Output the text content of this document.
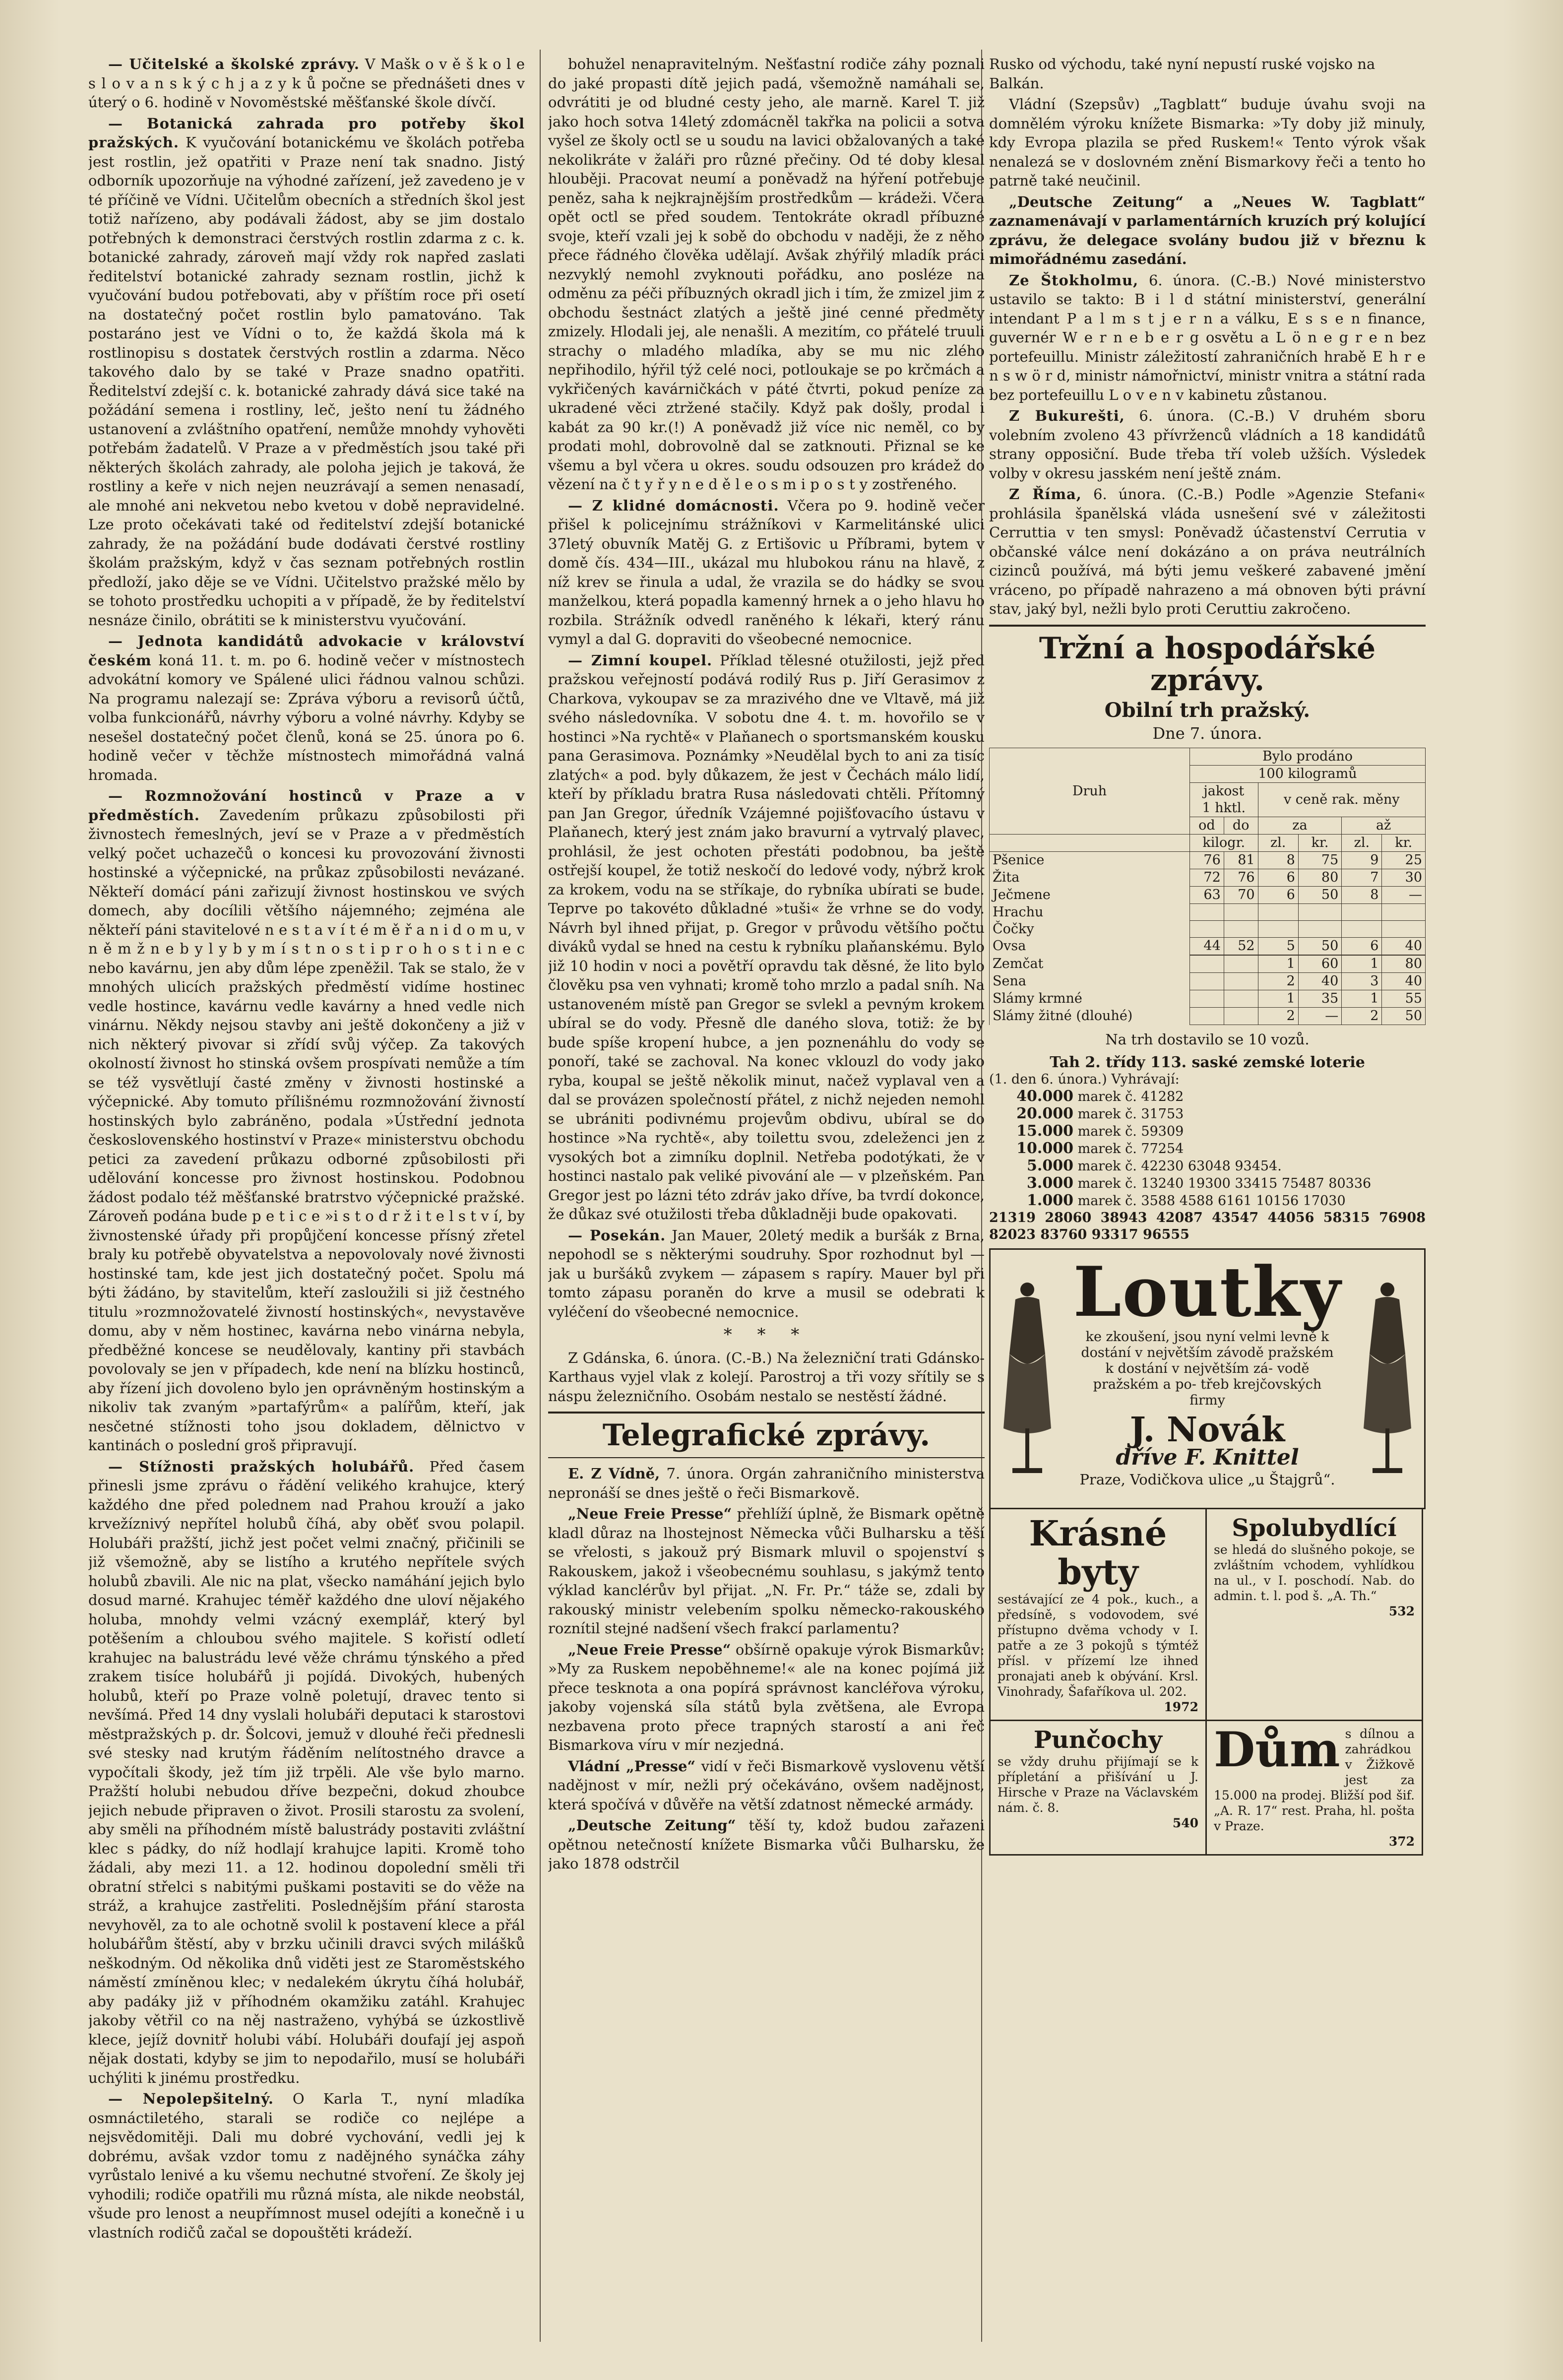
— Učitelské a školské zprávy. V Mašk o v ě š k o l e s l o v a n s k ý c h j a z y k ů počne se přednášeti dnes v úterý o 6. hodině v Novoměstské měšťanské škole dívčí.

— Botanická zahrada pro potřeby škol pražských. K vyučování botanickému ve školách potřeba jest rostlin, jež opatřiti v Praze není tak snadno. Jistý odborník upozorňuje na výhodné zařízení, jež zavedeno je v té příčině ve Vídni. Učitelům obecních a středních škol jest totiž nařízeno, aby podávali žádost, aby se jim dostalo potřebných k demonstraci čerstvých rostlin zdarma z c. k. botanické zahrady, zároveň mají vždy rok napřed zaslati ředitelství botanické zahrady seznam rostlin, jichž k vyučování budou potřebovati, aby v příštím roce při osetí na dostatečný počet rostlin bylo pamatováno. Tak postaráno jest ve Vídni o to, že každá škola má k rostlinopisu s dostatek čerstvých rostlin a zdarma. Něco takového dalo by se také v Praze snadno opatřiti. Ředitelství zdejší c. k. botanické zahrady dává sice také na požádání semena i rostliny, leč, ješto není tu žádného ustanovení a zvláštního opatření, nemůže mnohdy vyhověti potřebám žadatelů. V Praze a v předměstích jsou také při některých školách zahrady, ale poloha jejich je taková, že rostliny a keře v nich nejen neuzrávají a semen nenasadí, ale mnohé ani nekvetou nebo kvetou v době nepravidelné. Lze proto očekávati také od ředitelství zdejší botanické zahrady, že na požádání bude dodávati čerstvé rostliny školám pražským, když v čas seznam potřebných rostlin předloží, jako děje se ve Vídni. Učitelstvo pražské mělo by se tohoto prostředku uchopiti a v případě, že by ředitelství nesnáze činilo, obrátiti se k ministerstvu vyučování.

— Jednota kandidátů advokacie v království českém koná 11. t. m. po 6. hodině večer v místnostech advokátní komory ve Spálené ulici řádnou valnou schůzi. Na programu nalezají se: Zpráva výboru a revisorů účtů, volba funkcionářů, návrhy výboru a volné návrhy. Kdyby se nesešel dostatečný počet členů, koná se 25. února po 6. hodině večer v těchže místnostech mimořádná valná hromada.

— Rozmnožování hostinců v Praze a v předměstích. Zavedením průkazu způsobilosti při živnostech řemeslných, jeví se v Praze a v předměstích velký počet uchazečů o koncesi ku provozování živnosti hostinské a výčepnické, na průkaz způsobilosti nevázané. Někteří domácí páni zařizují živnost hostinskou ve svých domech, aby docílili většího nájemného; zejména ale někteří páni stavitelové n e s t a v í t é m ě ř a n i d o m u, v n ě m ž n e b y l y b y m í s t n o s t i p r o h o s t i n e c nebo kavárnu, jen aby dům lépe zpeněžil. Tak se stalo, že v mnohých ulicích pražských předměstí vidíme hostinec vedle hostince, kavárnu vedle kavárny a hned vedle nich vinárnu. Někdy nejsou stavby ani ještě dokončeny a již v nich některý pivovar si zřídí svůj výčep. Za takových okolností živnost ho stinská ovšem prospívati nemůže a tím se též vysvětlují časté změny v živnosti hostinské a výčepnické. Aby tomuto přílišnému rozmnožování živností hostinských bylo zabráněno, podala »Ústřední jednota československého hostinství v Praze« ministerstvu obchodu petici za zavedení průkazu odborné způsobilosti při udělování koncesse pro živnost hostinskou. Podobnou žádost podalo též měšťanské bratrstvo výčepnické pražské. Zároveň podána bude p e t i c e »i s t o d r ž i t e l s t v í, by živnostenské úřady při propůjčení koncesse přísný zřetel braly ku potřebě obyvatelstva a nepovolovaly nové živnosti hostinské tam, kde jest jich dostatečný počet. Spolu má býti žádáno, by stavitelům, kteří zasloužili si již čestného titulu »rozmnožovatelé živností hostinských«, nevystavěve domu, aby v něm hostinec, kavárna nebo vinárna nebyla, předběžné koncese se neudělovaly, kantiny při stavbách povolovaly se jen v případech, kde není na blízku hostinců, aby řízení jich dovoleno bylo jen oprávněným hostinským a nikoliv tak zvaným »partafýrům« a palířům, kteří, jak nesčetné stížnosti toho jsou dokladem, dělnictvo v kantinách o poslední groš připravují.

— Stížnosti pražských holubářů. Před časem přinesli jsme zprávu o řádění velikého krahujce, který každého dne před polednem nad Prahou krouží a jako krvežíznivý nepřítel holubů číhá, aby oběť svou polapil. Holubáři pražští, jichž jest počet velmi značný, přičinili se již všemožně, aby se listího a krutého nepřítele svých holubů zbavili. Ale nic na plat, všecko namáhání jejich bylo dosud marné. Krahujec téměř každého dne uloví nějakého holuba, mnohdy velmi vzácný exemplář, který byl potěšením a chloubou svého majitele. S kořistí odletí krahujec na balustrádu levé věže chrámu týnského a před zrakem tisíce holubářů ji pojídá. Divokých, hubených holubů, kteří po Praze volně poletují, dravec tento si nevšímá. Před 14 dny vyslali holubáři deputaci k starostovi městpražských p. dr. Šolcovi, jemuž v dlouhé řeči přednesli své stesky nad krutým řáděním nelítostného dravce a vypočítali škody, jež tím již trpěli. Ale vše bylo marno. Pražští holubi nebudou dříve bezpečni, dokud zhoubce jejich nebude připraven o život. Prosili starostu za svolení, aby směli na příhodném místě balustrády postaviti zvláštní klec s pádky, do níž hodlají krahujce lapiti. Kromě toho žádali, aby mezi 11. a 12. hodinou dopolední směli tři obratní střelci s nabitými puškami postaviti se do věže na stráž, a krahujce zastřeliti. Poslednějším přání starosta nevyhověl, za to ale ochotně svolil k postavení klece a přál holubářům štěstí, aby v brzku učinili dravci svých milášků neškodným. Od několika dnů viděti jest ze Staroměstského náměstí zmíněnou klec; v nedalekém úkrytu číhá holubář, aby padáky již v příhodném okamžiku zatáhl. Krahujec jakoby větřil co na něj nastraženo, vyhýbá se úzkostlivě klece, jejíž dovnitř holubi vábí. Holubáři doufají jej aspoň nějak dostati, kdyby se jim to nepodařilo, musí se holubáři uchýliti k jinému prostředku.

— Nepolepšitelný. O Karla T., nyní mladíka osmnáctiletého, starali se rodiče co nejlépe a nejsvědomitěji. Dali mu dobré vychování, vedli jej k dobrému, avšak vzdor tomu z nadějného synáčka záhy vyrůstalo lenivé a ku všemu nechutné stvoření. Ze školy jej vyhodili; rodiče opatřili mu různá místa, ale nikde neobstál, všude pro lenost a neupřímnost musel odejíti a konečně i u vlastních rodičů začal se dopouštěti krádeží.

bohužel nenapravitelným. Nešťastní rodiče záhy poznali do jaké propasti dítě jejich padá, všemožně namáhali se, odvrátiti je od bludné cesty jeho, ale marně. Karel T. již jako hoch sotva 14letý zdomácněl takřka na policii a sotva vyšel ze školy octl se u soudu na lavici obžalovaných a také nekolikráte v žaláři pro různé přečiny. Od té doby klesal hlouběji. Pracovat neumí a poněvadž na hýření potřebuje peněz, saha k nejkrajnějším prostředkům — krádeži. Včera opět octl se před soudem. Tentokráte okradl příbuzné svoje, kteří vzali jej k sobě do obchodu v naději, že z něho přece řádného člověka udělají. Avšak zhýřilý mladík práci nezvyklý nemohl zvyknouti pořádku, ano posléze na odměnu za péči příbuzných okradl jich i tím, že zmizel jim z obchodu šestnáct zlatých a ještě jiné cenné předměty zmizely. Hlodali jej, ale nenašli. A mezitím, co přátelé truuli strachy o mladého mladíka, aby se mu nic zlého nepřihodilo, hýřil týž celé noci, potloukaje se po krčmách a vykřičených kavárničkách v páté čtvrti, pokud peníze za ukradené věci ztržené stačily. Když pak došly, prodal i kabát za 90 kr.(!) A poněvadž již více nic neměl, co by prodati mohl, dobrovolně dal se zatknouti. Přiznal se ke všemu a byl včera u okres. soudu odsouzen pro krádež do vězení na č t y ř y n e d ě l e o s m i p o s t y zostřeného.

— Z klidné domácnosti. Včera po 9. hodině večer přišel k policejnímu strážníkovi v Karmelitánské ulici 37letý obuvník Matěj G. z Ertišovic u Příbrami, bytem v domě čís. 434—III., ukázal mu hlubokou ránu na hlavě, z níž krev se řinula a udal, že vrazila se do hádky se svou manželkou, která popadla kamenný hrnek a o jeho hlavu ho rozbila. Strážník odvedl raněného k lékaři, který ránu vymyl a dal G. dopraviti do všeobecné nemocnice.

— Zimní koupel. Příklad tělesné otužilosti, jejž před pražskou veřejností podává rodilý Rus p. Jiří Gerasimov z Charkova, vykoupav se za mrazivého dne ve Vltavě, má již svého následovníka. V sobotu dne 4. t. m. hovořilo se v hostinci »Na rychtě« v Plaňanech o sportsmanském kousku pana Gerasimova. Poznámky »Neudělal bych to ani za tisíc zlatých« a pod. byly důkazem, že jest v Čechách málo lidí, kteří by příkladu bratra Rusa následovati chtěli. Přítomný pan Jan Gregor, úředník Vzájemné pojišťovacího ústavu v Plaňanech, který jest znám jako bravurní a vytrvalý plavec, prohlásil, že jest ochoten přestáti podobnou, ba ještě ostřejší koupel, že totiž neskočí do ledové vody, nýbrž krok za krokem, vodu na se stříkaje, do rybníka ubírati se bude. Teprve po takovéto důkladné »tuši« že vrhne se do vody. Návrh byl ihned přijat, p. Gregor v průvodu většího počtu diváků vydal se hned na cestu k rybníku plaňanskému. Bylo již 10 hodin v noci a povětří opravdu tak děsné, že lito bylo člověku psa ven vyhnati; kromě toho mrzlo a padal sníh. Na ustanoveném místě pan Gregor se svlekl a pevným krokem ubíral se do vody. Přesně dle daného slova, totiž: že by bude spíše kropení hubce, a jen poznenáhlu do vody se ponoří, také se zachoval. Na konec vklouzl do vody jako ryba, koupal se ještě několik minut, načež vyplaval ven a dal se provázen společností přátel, z nichž nejeden nemohl se ubrániti podivnému projevům obdivu, ubíral se do hostince »Na rychtě«, aby toilettu svou, zdeleženci jen z vysokých bot a zimníku doplnil. Netřeba podotýkati, že v hostinci nastalo pak veliké pivování ale — v plzeňském. Pan Gregor jest po lázni této zdráv jako dříve, ba tvrdí dokonce, že důkaz své otužilosti třeba důkladněji bude opakovati.

— Posekán. Jan Mauer, 20letý medik a buršák z Brna, nepohodl se s některými soudruhy. Spor rozhodnut byl — jak u buršáků zvykem — zápasem s rapíry. Mauer byl při tomto zápasu poraněn do krve a musil se odebrati k vyléčení do všeobecné nemocnice.

* * *

Z Gdánska, 6. února. (C.-B.) Na železniční trati Gdánsko-Karthaus vyjel vlak z kolejí. Parostroj a tři vozy sřítily se s náspu železničního. Osobám nestalo se nestěstí žádné.

Telegrafické zprávy.

E. Z Vídně, 7. února. Orgán zahraničního ministerstva nepronáší se dnes ještě o řeči Bismarkově.

„Neue Freie Presse“ přehlíží úplně, že Bismark opětně kladl důraz na lhostejnost Německa vůči Bulharsku a těší se vřelosti, s jakouž prý Bismark mluvil o spojenství s Rakouskem, jakož i všeobecnému souhlasu, s jakýmž tento výklad kanclérův byl přijat. „N. Fr. Pr.“ táže se, zdali by rakouský ministr velebením spolku německo-rakouského roznítil stejné nadšení všech frakcí parlamentu?

„Neue Freie Presse“ obšírně opakuje výrok Bismarkův: »My za Ruskem nepoběhneme!« ale na konec pojímá již přece tesknota a ona popírá správnost kancléřova výroku, jakoby vojenská síla států byla zvětšena, ale Evropa nezbavena proto přece trapných starostí a ani řeč Bismarkova víru v mír nezjedná.

Vládní „Presse“ vidí v řeči Bismarkově vyslovenu větší nadějnost v mír, nežli prý očekáváno, ovšem nadějnost, která spočívá v důvěře na větší zdatnost německé armády.

„Deutsche Zeitung“ těší ty, kdož budou zařazeni opětnou netečností knížete Bismarka vůči Bulharsku, že jako 1878 odstrčil

Rusko od východu, také nyní nepustí ruské vojsko na Balkán.

Vládní (Szepsův) „Tagblatt“ buduje úvahu svoji na domnělém výroku knížete Bismarka: »Ty doby již minuly, kdy Evropa plazila se před Ruskem!« Tento výrok však nenalezá se v doslovném znění Bismarkovy řeči a tento ho patrně také neučinil.

„Deutsche Zeitung“ a „Neues W. Tagblatt“ zaznamenávají v parlamentárních kruzích prý kolující zprávu, že delegace svolány budou již v březnu k mimořádnému zasedání.

Ze Štokholmu, 6. února. (C.-B.) Nové ministerstvo ustavilo se takto: B i l d státní ministerství, generální intendant P a l m s t j e r n a válku, E s s e n finance, guvernér W e r n e b e r g osvětu a L ö n e g r e n bez portefeuillu. Ministr záležitostí zahraničních hrabě E h r e n s w ö r d, ministr námořnictví, ministr vnitra a státní rada bez portefeuillu L o v e n v kabinetu zůstanou.

Z Bukurešti, 6. února. (C.-B.) V druhém sboru volebním zvoleno 43 přívrženců vládních a 18 kandidátů strany opposiční. Bude třeba tří voleb užších. Výsledek volby v okresu jasském není ještě znám.

Z Říma, 6. února. (C.-B.) Podle »Agenzie Stefani« prohlásila španělská vláda usnešení své v záležitosti Cerruttia v ten smysl: Poněvadž účastenství Cerrutia v občanské válce není dokázáno a on práva neutrálních cizinců používá, má býti jemu veškeré zabavené jmění vráceno, po případě nahrazeno a má obnoven býti právní stav, jaký byl, nežli bylo proti Ceruttiu zakročeno.

Tržní a hospodářské zprávy.
Obilní trh pražský.
Dne 7. února.
Druh	Bylo prodáno					
	100 kilogramů					
	jakost
1 hktl.		v ceně rak. měny			
	od	do	za		až	
	kilogr.		zl.	kr.	zl.	kr.
Pšenice	76	81	8	75	9	25
Žita	72	76	6	80	7	30
Ječmene	63	70	6	50	8	—
Hrachu						
Čočky						
Ovsa	44	52	5	50	6	40

Zemčat			1	60	1	80
Sena			2	40	3	40
Slámy krmné			1	35	1	55
Slámy žitné (dlouhé)			2	—	2	50
Na trh dostavilo se 10 vozů.
Tah 2. třídy 113. saské zemské loterie
(1. den 6. února.) Vyhrávají:
40.000 marek č. 41282
20.000 marek č. 31753
15.000 marek č. 59309
10.000 marek č. 77254
5.000 marek č. 42230 63048 93454.
3.000 marek č. 13240 19300 33415 75487 80336
1.000 marek č. 3588 4588 6161 10156 17030
21319 28060 38943 42087 43547 44056 58315 76908 82023 83760 93317 96555
Loutky
ke zkoušení, jsou nyní velmi levně k dostání v největším závodě pražském k dostání v největším zá- vodě pražském a po- třeb krejčovských firmy
J. Novák
dříve F. Knittel
Praze, Vodičkova ulice „u Štajgrů“.
Krásné byty
sestávající ze 4 pok., kuch., a předsíně, s vodovodem, své přístupno dvěma vchody v I. patře a ze 3 pokojů s týmtéž přísl. v přízemí lze ihned pronajati aneb k obývání. Krsl. Vinohrady, Šafaříkova ul. 202.
1972
Spolubydlící
se hledá do slušného pokoje, se zvláštním vchodem, vyhlídkou na ul., v I. poschodí. Nab. do admin. t. l. pod š. „A. Th.“
532
Punčochy
se vždy druhu přijímají se k přípletání a přišívání u J. Hirsche v Praze na Václavském nám. č. 8.
540
Dům s dílnou a zahrádkou v Žižkově jest za 15.000 na prodej. Bližší pod šif. „A. R. 17“ rest. Praha, hl. pošta v Praze.
372
